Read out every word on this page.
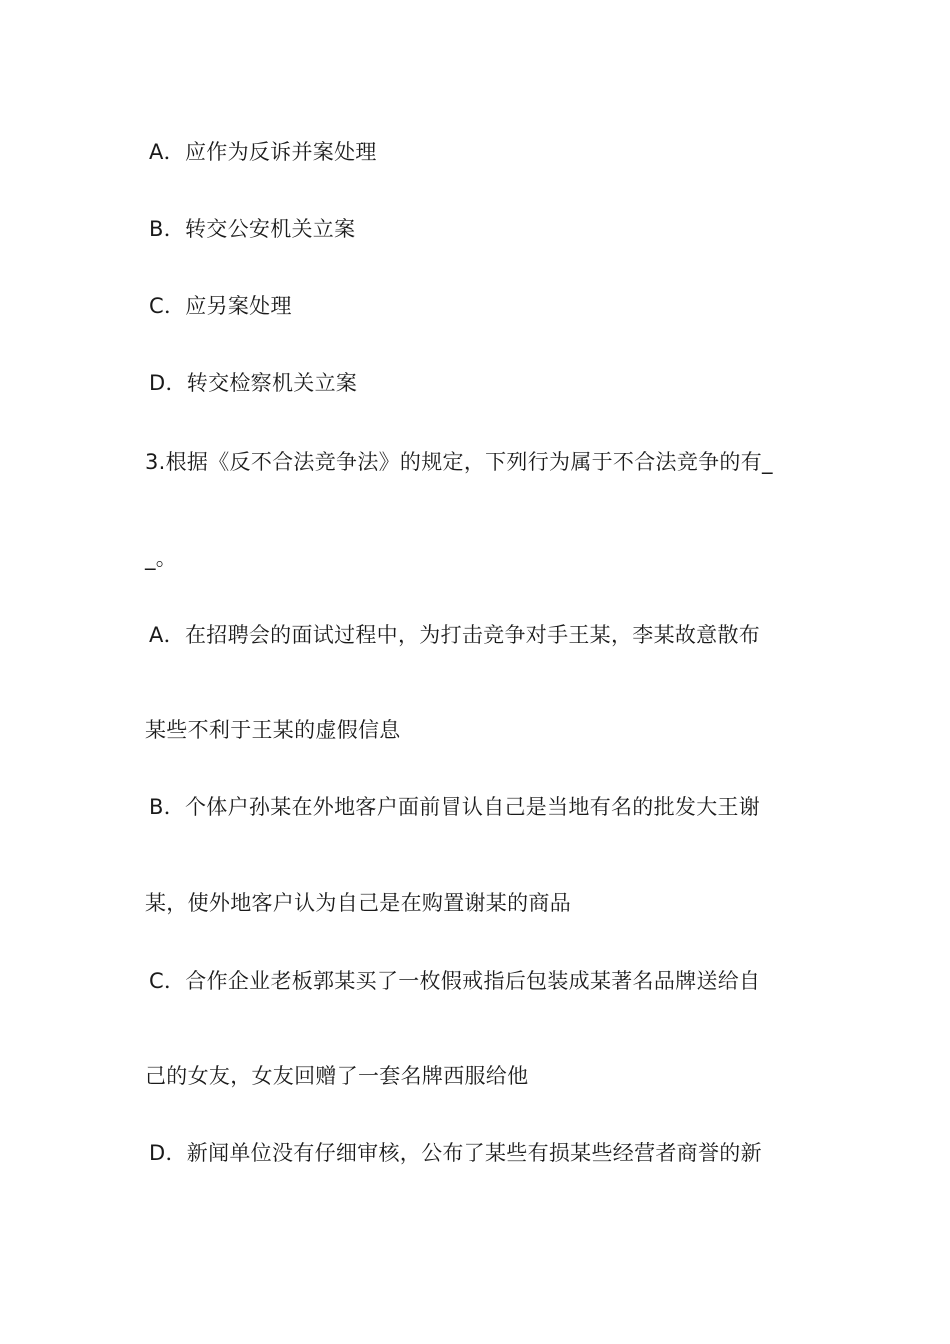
A．应作为反诉并案处理
B．转交公安机关立案
C．应另案处理
D．转交检察机关立案
3.根据《反不合法竞争法》的规定，下列行为属于不合法竞争的有_
_。
A．在招聘会的面试过程中，为打击竞争对手王某，李某故意散布
某些不利于王某的虚假信息
B．个体户孙某在外地客户面前冒认自己是当地有名的批发大王谢
某，使外地客户认为自己是在购置谢某的商品
C．合作企业老板郭某买了一枚假戒指后包装成某著名品牌送给自
己的女友，女友回赠了一套名牌西服给他
D．新闻单位没有仔细审核，公布了某些有损某些经营者商誉的新
